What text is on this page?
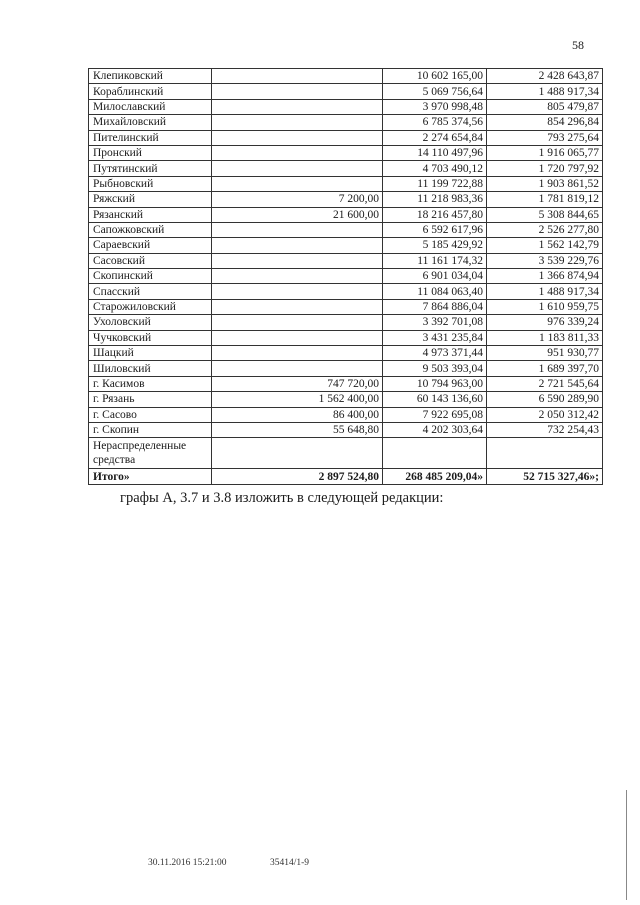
58
Клепиковский		10 602 165,00	2 428 643,87
Кораблинский		5 069 756,64	1 488 917,34
Милославский		3 970 998,48	805 479,87
Михайловский		6 785 374,56	854 296,84
Пителинский		2 274 654,84	793 275,64
Пронский		14 110 497,96	1 916 065,77
Путятинский		4 703 490,12	1 720 797,92
Рыбновский		11 199 722,88	1 903 861,52
Ряжский	7 200,00	11 218 983,36	1 781 819,12
Рязанский	21 600,00	18 216 457,80	5 308 844,65
Сапожковский		6 592 617,96	2 526 277,80
Сараевский		5 185 429,92	1 562 142,79
Сасовский		11 161 174,32	3 539 229,76
Скопинский		6 901 034,04	1 366 874,94
Спасский		11 084 063,40	1 488 917,34
Старожиловский		7 864 886,04	1 610 959,75
Ухоловский		3 392 701,08	976 339,24
Чучковский		3 431 235,84	1 183 811,33
Шацкий		4 973 371,44	951 930,77
Шиловский		9 503 393,04	1 689 397,70
г. Касимов	747 720,00	10 794 963,00	2 721 545,64
г. Рязань	1 562 400,00	60 143 136,60	6 590 289,90
г. Сасово	86 400,00	7 922 695,08	2 050 312,42
г. Скопин	55 648,80	4 202 303,64	732 254,43
Нераспределенные средства			
Итого»	2 897 524,80	268 485 209,04»	52 715 327,46»;
графы А, 3.7 и 3.8 изложить в следующей редакции:
30.11.2016 15:21:00	35414/1-9
